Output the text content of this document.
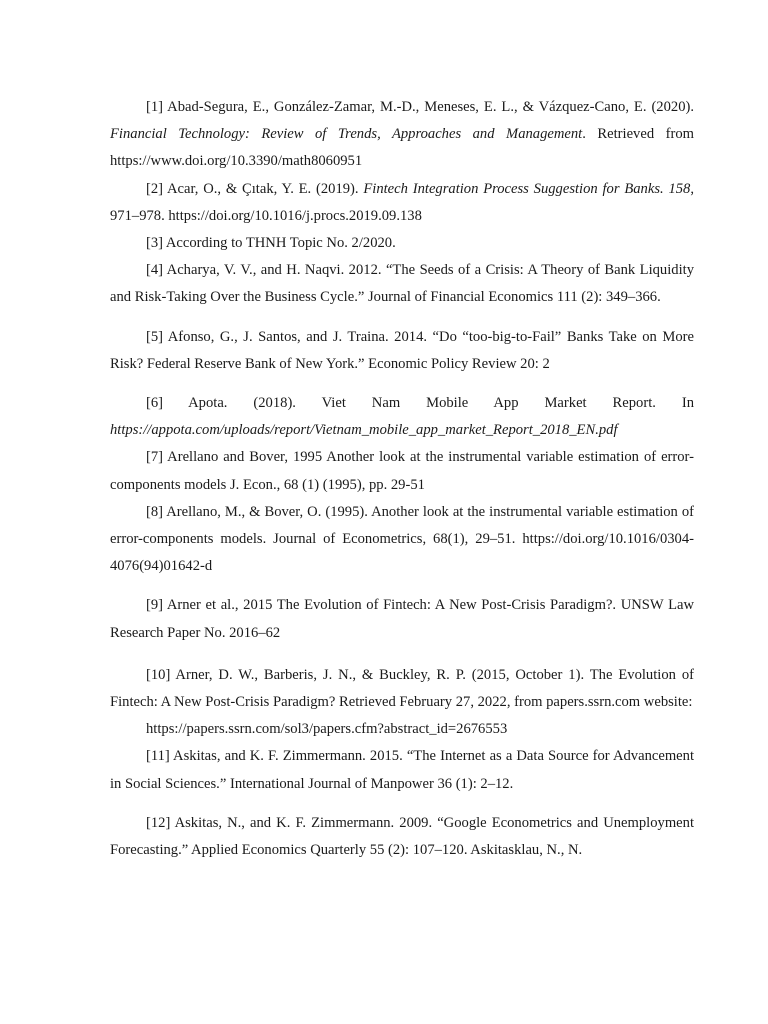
[1] Abad-Segura, E., González-Zamar, M.-D., Meneses, E. L., & Vázquez-Cano, E. (2020). Financial Technology: Review of Trends, Approaches and Management. Retrieved from https://www.doi.org/10.3390/math8060951

[2] Acar, O., & Çıtak, Y. E. (2019). Fintech Integration Process Suggestion for Banks. 158, 971–978. https://doi.org/10.1016/j.procs.2019.09.138

[3] According to THNH Topic No. 2/2020.

[4] Acharya, V. V., and H. Naqvi. 2012. “The Seeds of a Crisis: A Theory of Bank Liquidity and Risk-Taking Over the Business Cycle.” Journal of Financial Economics 111 (2): 349–366.

[5] Afonso, G., J. Santos, and J. Traina. 2014. “Do “too-big-to-Fail” Banks Take on More Risk? Federal Reserve Bank of New York.” Economic Policy Review 20: 2

[6] Apota. (2018). Viet Nam Mobile App Market Report. In https://appota.com/uploads/report/Vietnam_mobile_app_market_Report_2018_EN.pdf

[7] Arellano and Bover, 1995 Another look at the instrumental variable estimation of error-components models J. Econ., 68 (1) (1995), pp. 29-51

[8] Arellano, M., & Bover, O. (1995). Another look at the instrumental variable estimation of error-components models. Journal of Econometrics, 68(1), 29–51. https://doi.org/10.1016/0304-4076(94)01642-d

[9] Arner et al., 2015 The Evolution of Fintech: A New Post-Crisis Paradigm?. UNSW Law Research Paper No. 2016–62

[10] Arner, D. W., Barberis, J. N., & Buckley, R. P. (2015, October 1). The Evolution of Fintech: A New Post-Crisis Paradigm? Retrieved February 27, 2022, from papers.ssrn.com website:

https://papers.ssrn.com/sol3/papers.cfm?abstract_id=2676553

[11] Askitas, and K. F. Zimmermann. 2015. “The Internet as a Data Source for Advancement in Social Sciences.” International Journal of Manpower 36 (1): 2–12.

[12] Askitas, N., and K. F. Zimmermann. 2009. “Google Econometrics and Unemployment Forecasting.” Applied Economics Quarterly 55 (2): 107–120. Askitasklau, N., N.
